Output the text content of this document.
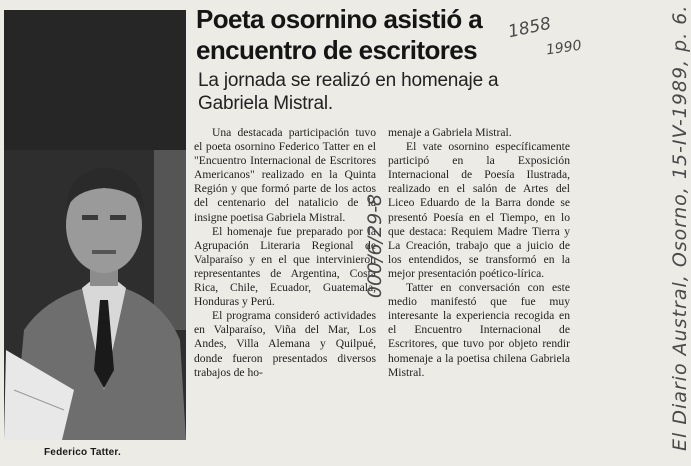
Federico Tatter.
Poeta osornino asistió a encuentro de escritores
La jornada se realizó en homenaje a Gabriela Mistral.

Una destacada participación tuvo el poeta osornino Federico Tatter en el "Encuentro Internacional de Escritores Americanos" realizado en la Quinta Región y que formó parte de los actos del centenario del natalicio de la insigne poetisa Gabriela Mistral.

El homenaje fue preparado por la Agrupación Literaria Regional de Valparaíso y en el que intervinieron representantes de Argentina, Costa Rica, Chile, Ecuador, Guatemala, Honduras y Perú.

El programa consideró actividades en Valparaíso, Viña del Mar, Los Andes, Villa Alemana y Quilpué, donde fueron presentados diversos trabajos de ho-

menaje a Gabriela Mistral.

El vate osornino específicamente participó en la Exposición Internacional de Poesía Ilustrada, realizado en el salón de Artes del Liceo Eduardo de la Barra donde se presentó Poesía en el Tiempo, en lo que destaca: Requiem Madre Tierra y La Creación, trabajo que a juicio de los entendidos, se transformó en la mejor presentación poético-lírica.

Tatter en conversación con este medio manifestó que fue muy interesante la experiencia recogida en el Encuentro Internacional de Escritores, que tuvo por objeto rendir homenaje a la poetisa chilena Gabriela Mistral.

1858
1990
000/6/29-8	El Diario Austral, Osorno, 15-IV-1989, p. 6.
